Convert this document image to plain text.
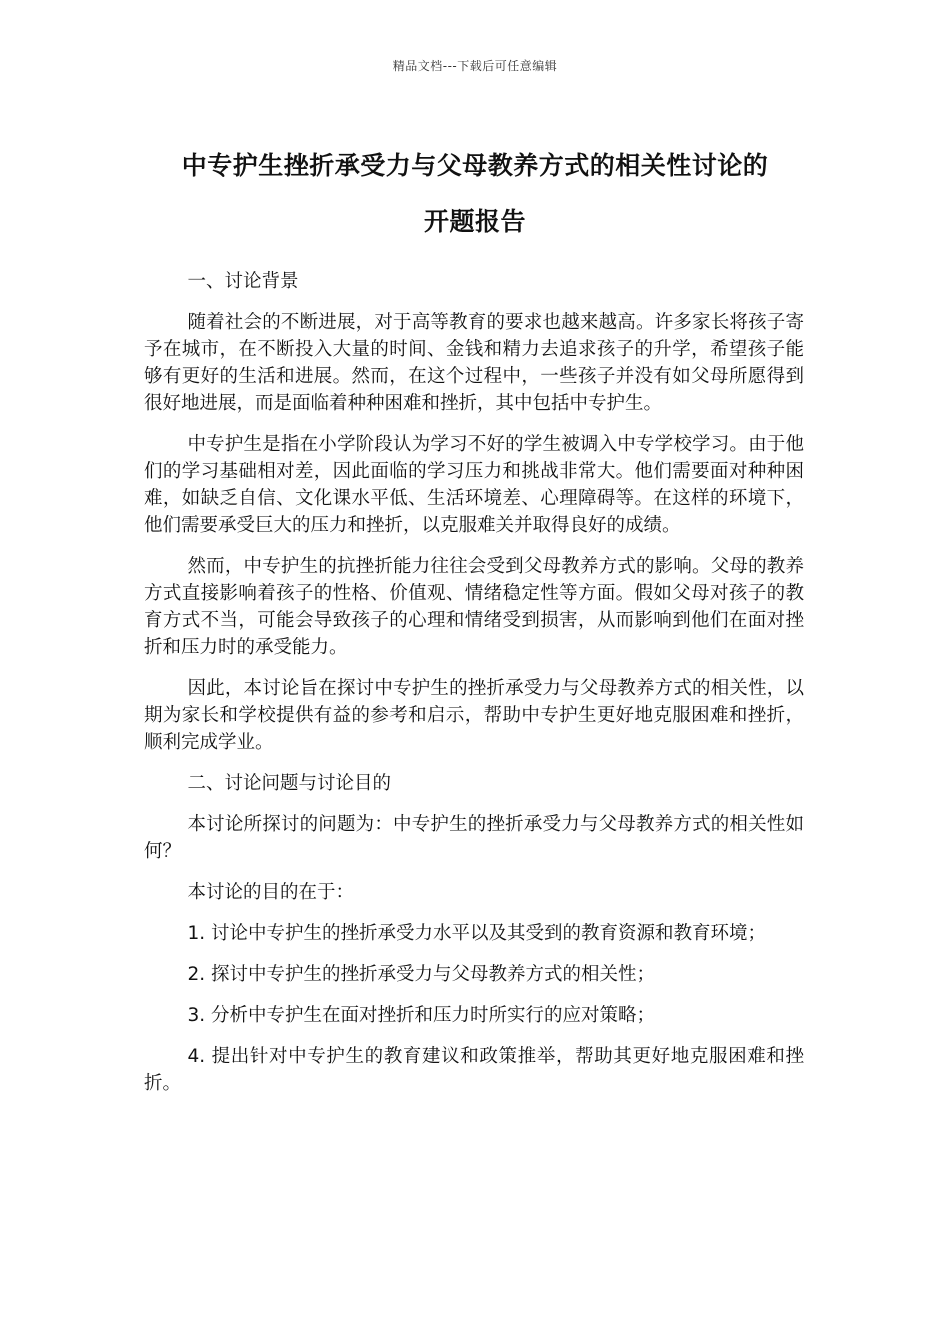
精品文档---下载后可任意编辑
中专护生挫折承受力与父母教养方式的相关性讨论的
开题报告

一、讨论背景

随着社会的不断进展，对于高等教育的要求也越来越高。许多家长将孩子寄予在城市，在不断投入大量的时间、金钱和精力去追求孩子的升学，希望孩子能够有更好的生活和进展。然而，在这个过程中，一些孩子并没有如父母所愿得到很好地进展，而是面临着种种困难和挫折，其中包括中专护生。

中专护生是指在小学阶段认为学习不好的学生被调入中专学校学习。由于他们的学习基础相对差，因此面临的学习压力和挑战非常大。他们需要面对种种困难，如缺乏自信、文化课水平低、生活环境差、心理障碍等。在这样的环境下，他们需要承受巨大的压力和挫折，以克服难关并取得良好的成绩。

然而，中专护生的抗挫折能力往往会受到父母教养方式的影响。父母的教养方式直接影响着孩子的性格、价值观、情绪稳定性等方面。假如父母对孩子的教育方式不当，可能会导致孩子的心理和情绪受到损害，从而影响到他们在面对挫折和压力时的承受能力。

因此，本讨论旨在探讨中专护生的挫折承受力与父母教养方式的相关性，以期为家长和学校提供有益的参考和启示，帮助中专护生更好地克服困难和挫折，顺利完成学业。

二、讨论问题与讨论目的

本讨论所探讨的问题为：中专护生的挫折承受力与父母教养方式的相关性如何？

本讨论的目的在于：

1. 讨论中专护生的挫折承受力水平以及其受到的教育资源和教育环境；

2. 探讨中专护生的挫折承受力与父母教养方式的相关性；

3. 分析中专护生在面对挫折和压力时所实行的应对策略；

4. 提出针对中专护生的教育建议和政策推举，帮助其更好地克服困难和挫折。
